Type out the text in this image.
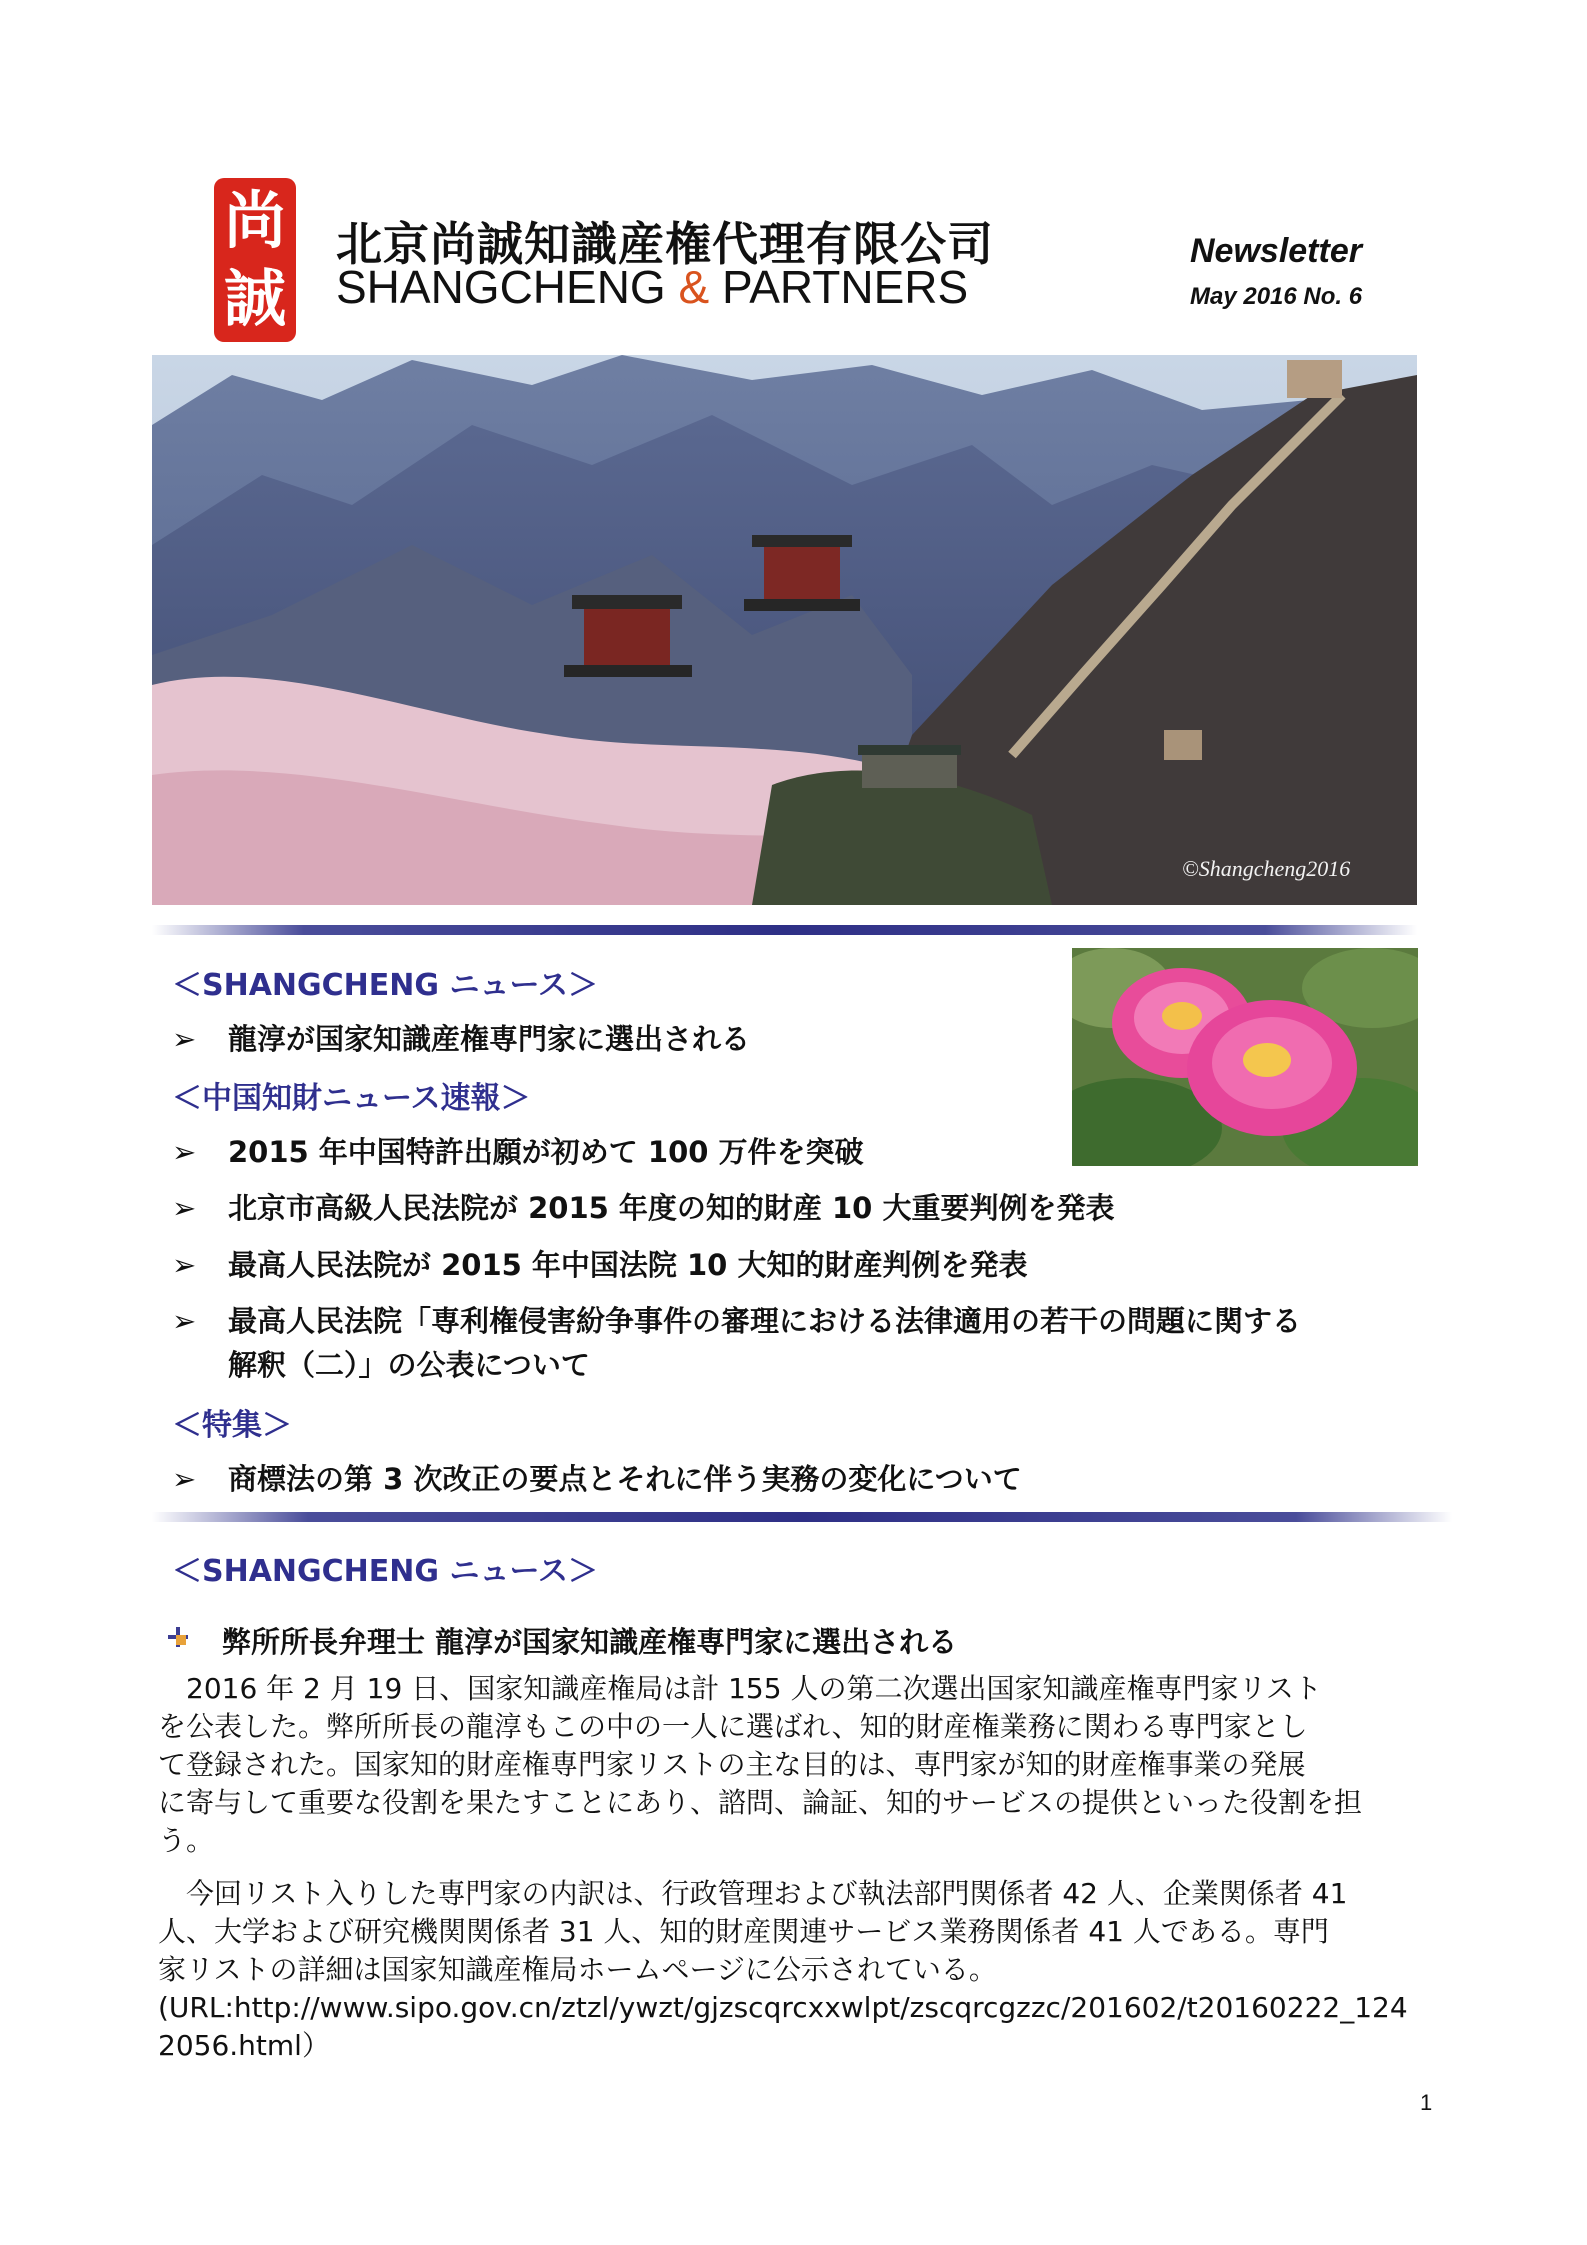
尚
誠
北京尚誠知識産権代理有限公司
SHANGCHENG & PARTNERS
Newsletter
May 2016 No. 6
©Shangcheng2016
＜SHANGCHENG ニュース＞
➢ 龍淳が国家知識産権専門家に選出される
＜中国知財ニュース速報＞
➢ 2015 年中国特許出願が初めて 100 万件を突破
➢ 北京市高級人民法院が 2015 年度の知的財産 10 大重要判例を発表
➢ 最高人民法院が 2015 年中国法院 10 大知的財産判例を発表
➢ 最高人民法院「専利権侵害紛争事件の審理における法律適用の若干の問題に関する
解釈（二）」の公表について
＜特集＞
➢ 商標法の第 3 次改正の要点とそれに伴う実務の変化について
＜SHANGCHENG ニュース＞
弊所所長弁理士 龍淳が国家知識産権専門家に選出される
　2016 年 2 月 19 日、国家知識産権局は計 155 人の第二次選出国家知識産権専門家リスト
を公表した。弊所所長の龍淳もこの中の一人に選ばれ、知的財産権業務に関わる専門家とし
て登録された。国家知的財産権専門家リストの主な目的は、専門家が知的財産権事業の発展
に寄与して重要な役割を果たすことにあり、諮問、論証、知的サービスの提供といった役割を担
う。
　今回リスト入りした専門家の内訳は、行政管理および執法部門関係者 42 人、企業関係者 41
人、大学および研究機関関係者 31 人、知的財産関連サービス業務関係者 41 人である。専門
家リストの詳細は国家知識産権局ホームページに公示されている。
(URL:http://www.sipo.gov.cn/ztzl/ywzt/gjzscqrcxxwlpt/zscqrcgzzc/201602/t20160222_124
2056.html）
1
